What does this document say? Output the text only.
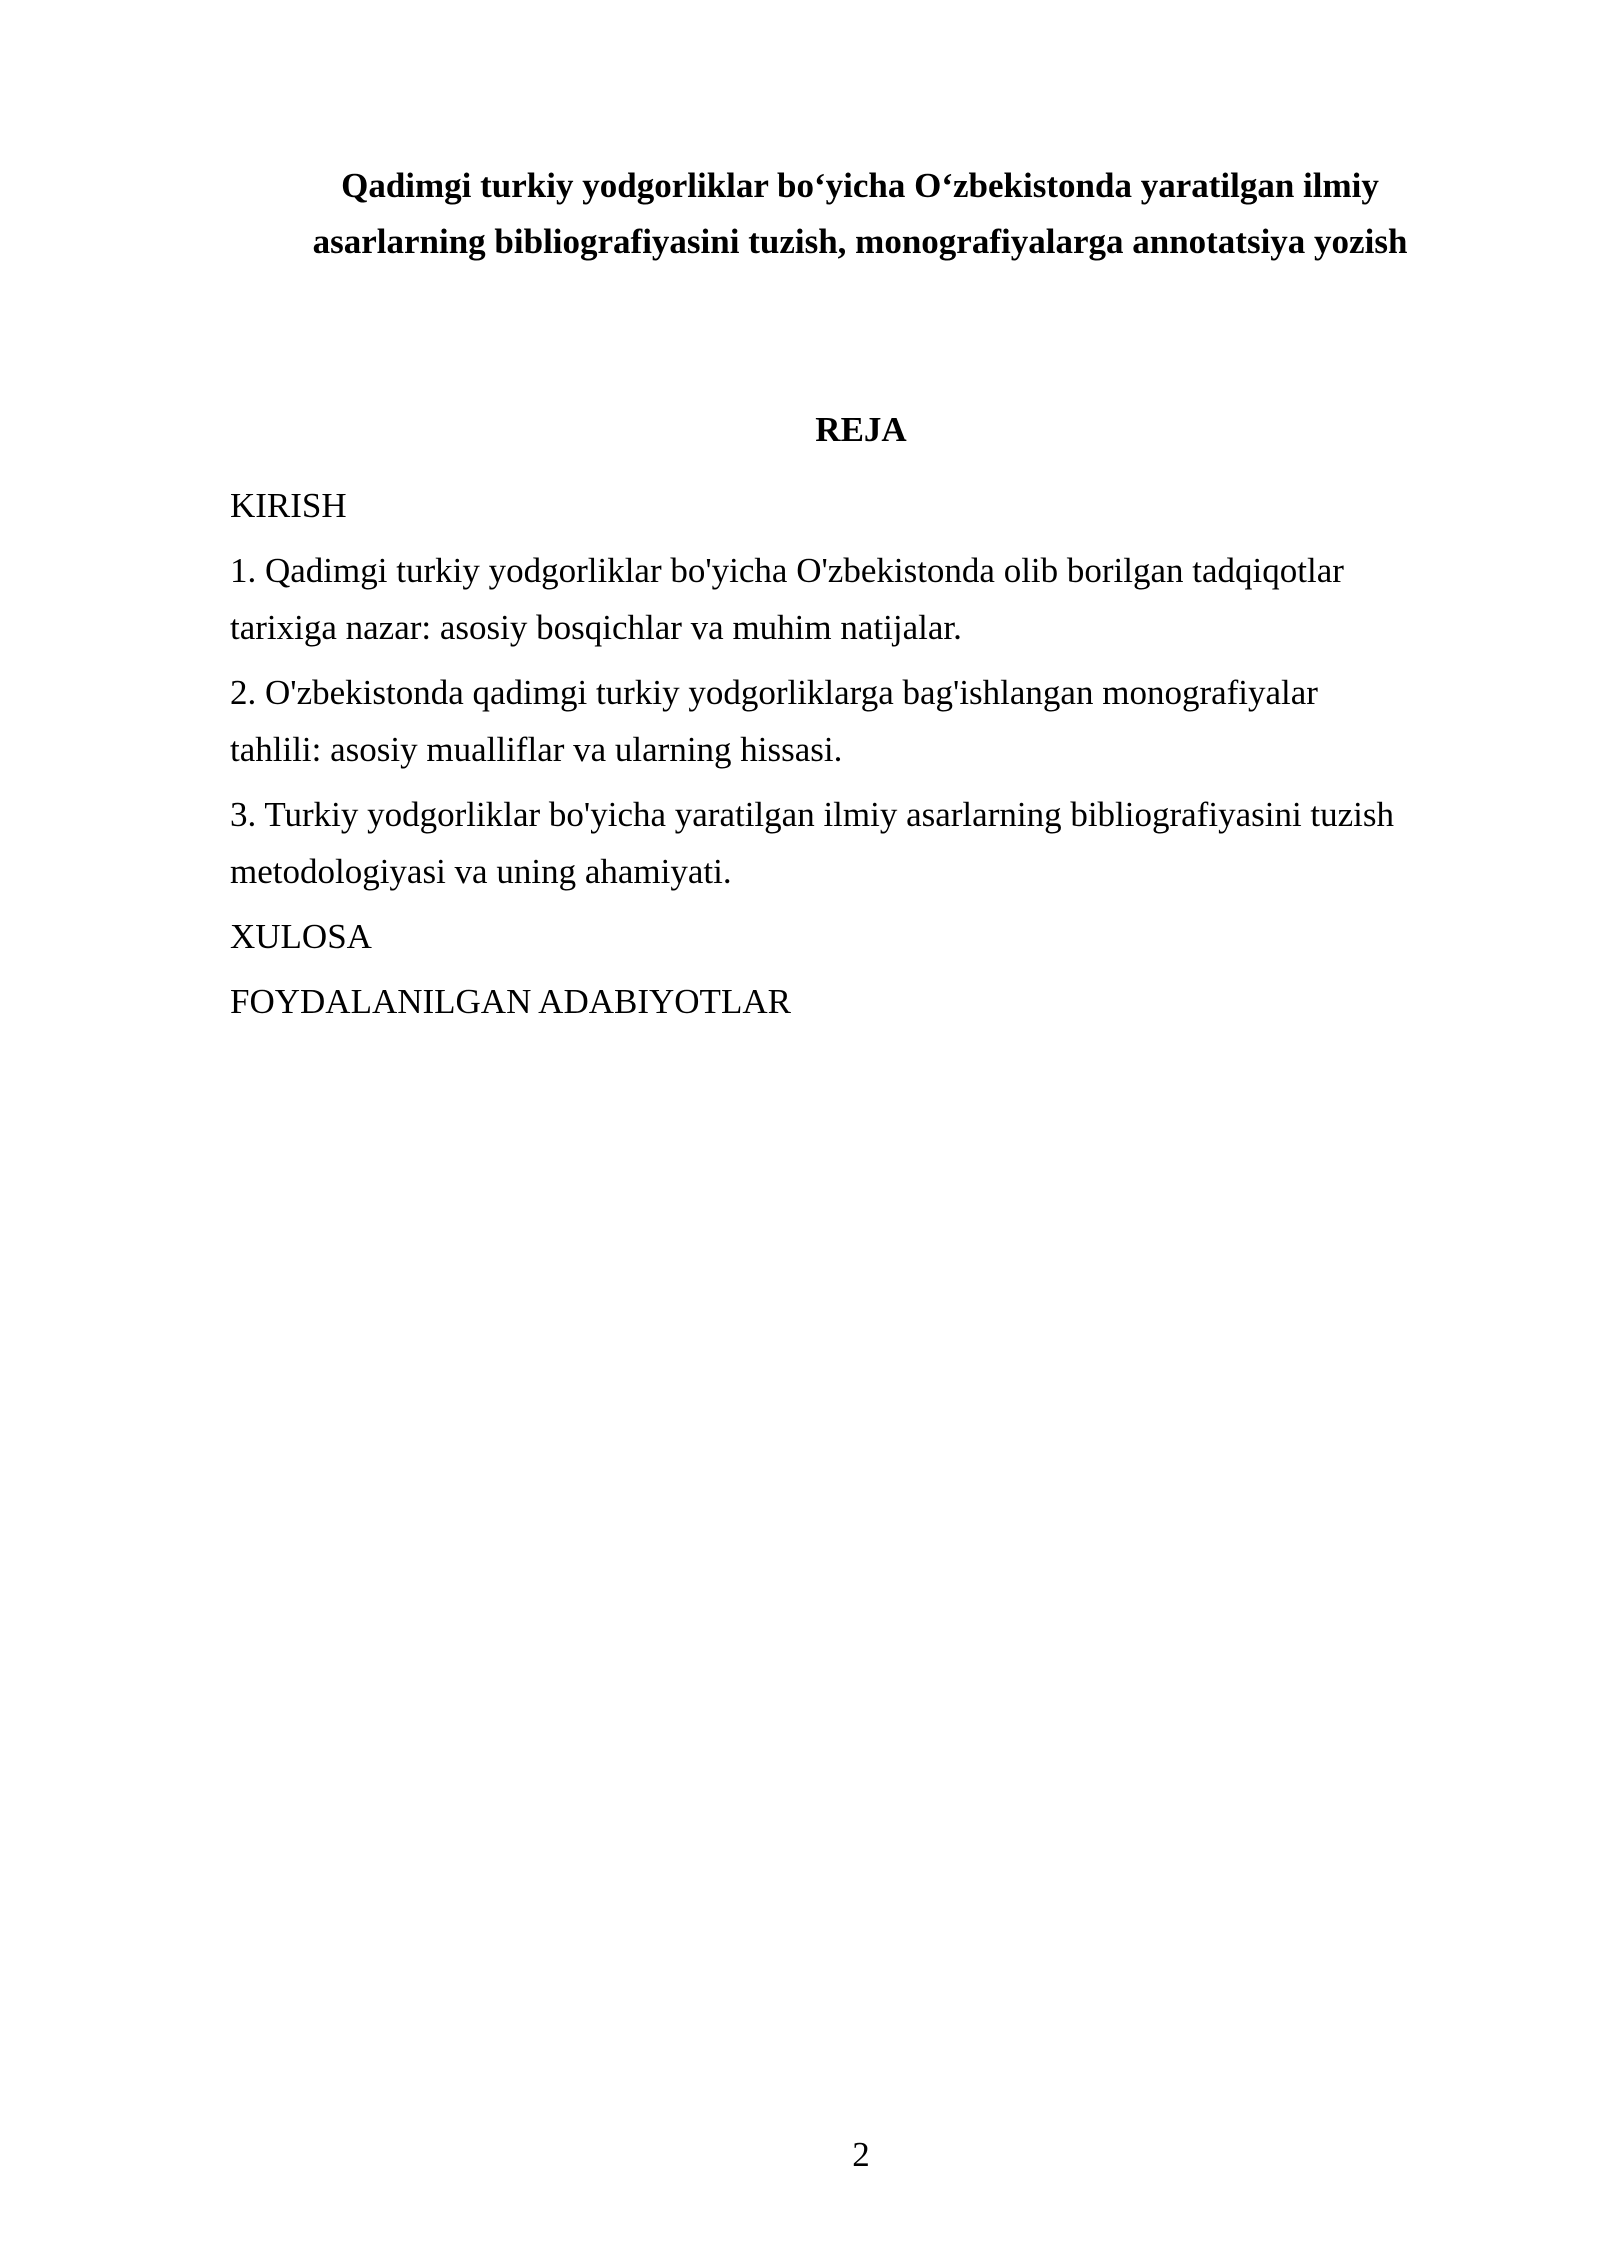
Qadimgi turkiy yodgorliklar bo‘yicha O‘zbekistonda yaratilgan ilmiy
asarlarning bibliografiyasini tuzish, monografiyalarga annotatsiya yozish
REJA
KIRISH
1. Qadimgi turkiy yodgorliklar bo'yicha O'zbekistonda olib borilgan tadqiqotlar
tarixiga nazar: asosiy bosqichlar va muhim natijalar.
2. O'zbekistonda qadimgi turkiy yodgorliklarga bag'ishlangan monografiyalar
tahlili: asosiy mualliflar va ularning hissasi.
3. Turkiy yodgorliklar bo'yicha yaratilgan ilmiy asarlarning bibliografiyasini tuzish
metodologiyasi va uning ahamiyati.
XULOSA
FOYDALANILGAN ADABIYOTLAR
2
